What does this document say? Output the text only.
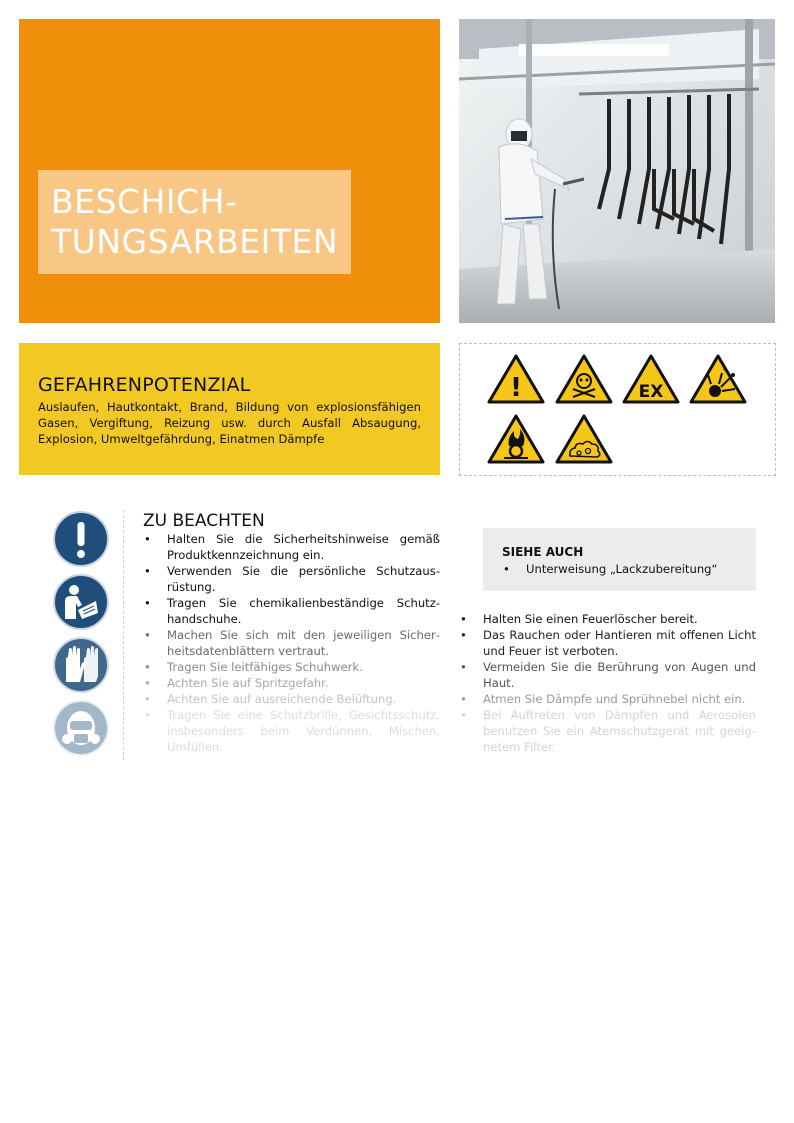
BESCHICH-
TUNGSARBEITEN
GEFAHRENPOTENZIAL

Auslaufen, Hautkontakt, Brand, Bildung von explosionsfähigen Gasen, Vergiftung, Reizung usw. durch Ausfall Absaugung, Explosion, Umweltgefährdung, Einatmen Dämpfe

!	EX
ZU BEACHTEN
• Halten Sie die Sicherheitshinweise gemäß Produktkennzeichnung ein.
• Verwenden Sie die persönliche Schutzausrüstung.
• Tragen Sie chemikalienbeständige Schutzhandschuhe.
• Machen Sie sich mit den jeweiligen Sicherheitsdatenblättern vertraut.
• Tragen Sie leitfähiges Schuhwerk.
• Achten Sie auf Spritzgefahr.
• Achten Sie auf ausreichende Belüftung.
• Tragen Sie eine Schutzbrille, Gesichtsschutz, insbesonders beim Verdünnen, Mischen, Umfüllen.
SIEHE AUCH
• Unterweisung „Lackzubereitung“
• Halten Sie einen Feuerlöscher bereit.
• Das Rauchen oder Hantieren mit offenen Licht und Feuer ist verboten.
• Vermeiden Sie die Berührung von Augen und Haut.
• Atmen Sie Dämpfe und Sprühnebel nicht ein.
• Bei Auftreten von Dämpfen und Aerosolen benutzen Sie ein Atemschutzgerät mit geeignetem Filter.
